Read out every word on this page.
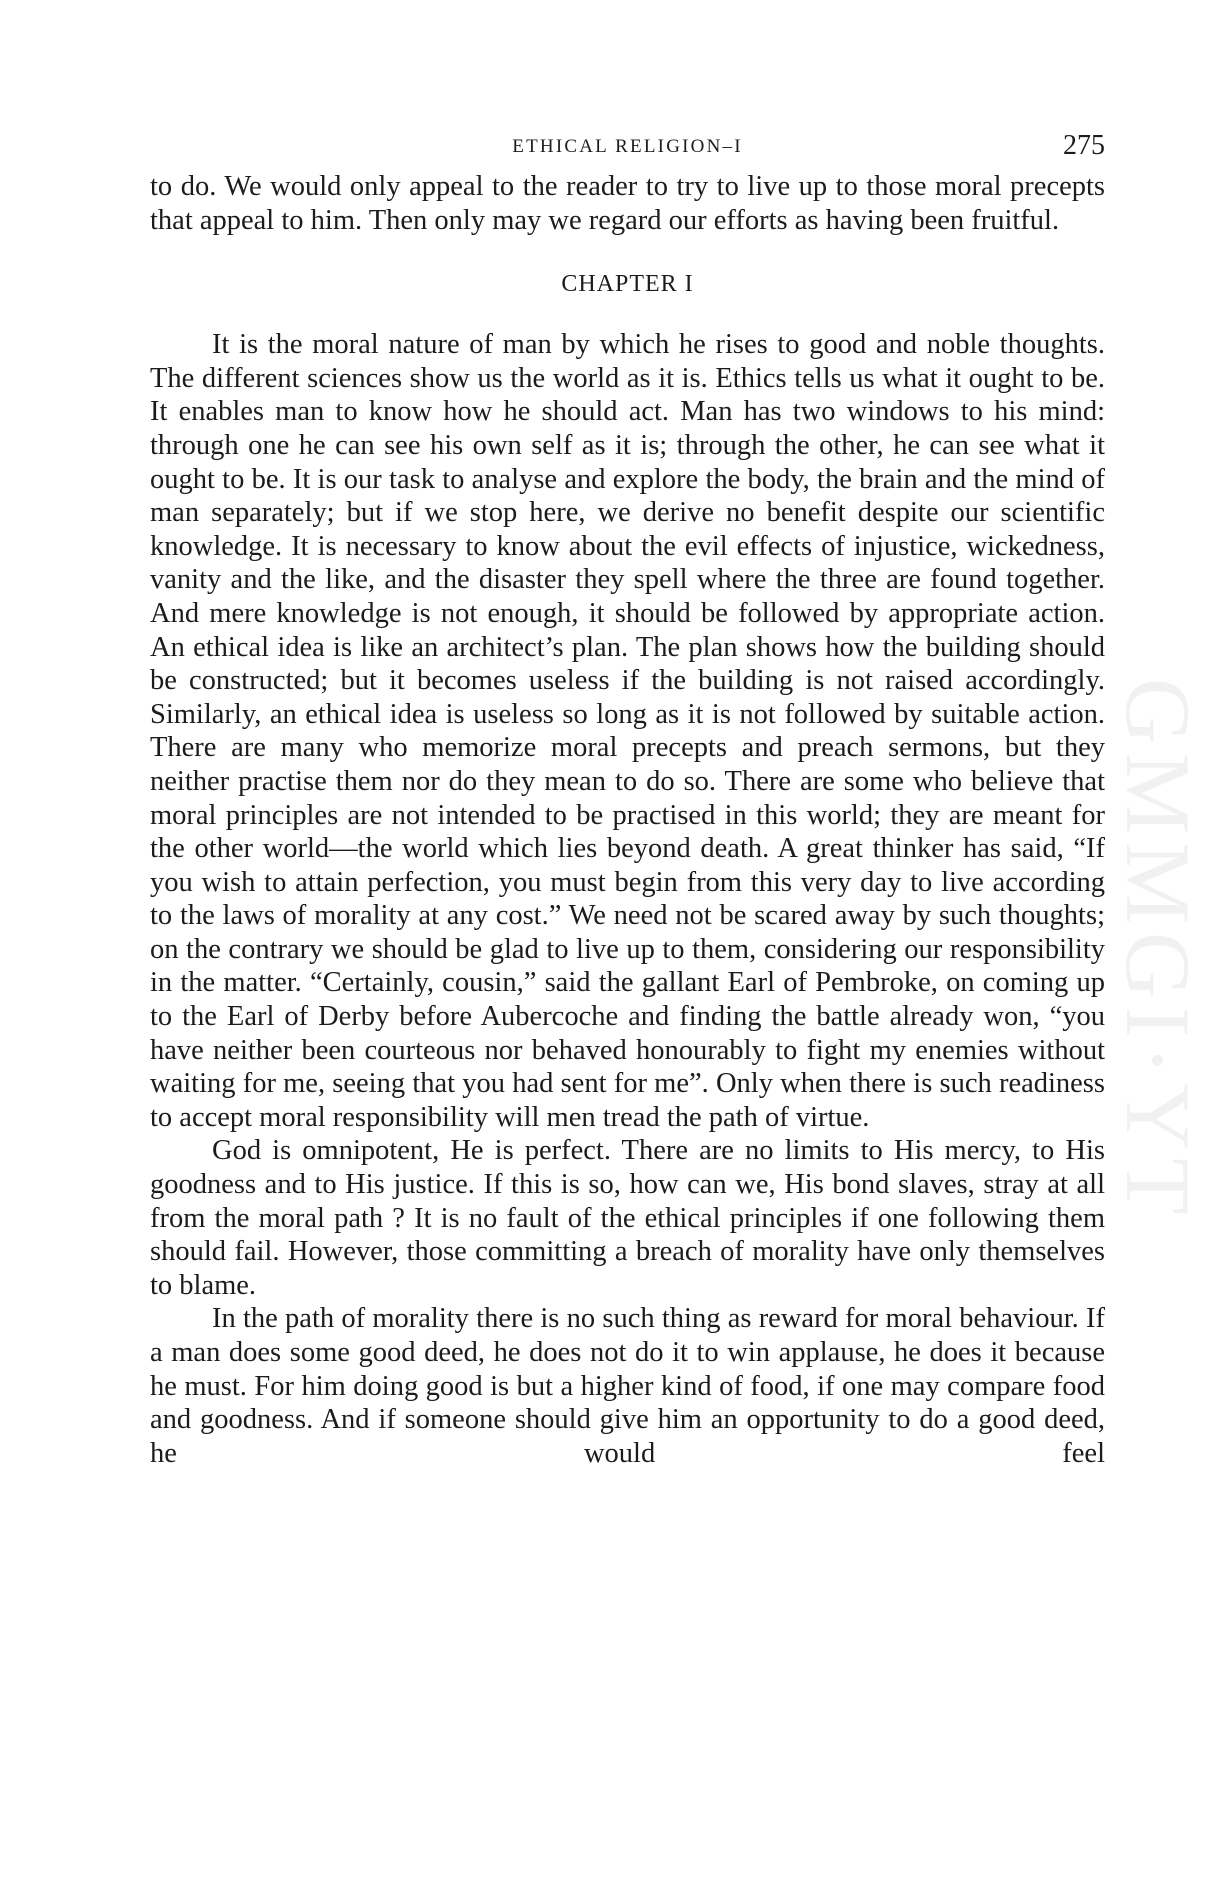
GMMGI·YT
ETHICAL RELIGION–I	275

to do. We would only appeal to the reader to try to live up to those moral precepts that appeal to him. Then only may we regard our efforts as having been fruitful.

CHAPTER I

It is the moral nature of man by which he rises to good and noble thoughts. The different sciences show us the world as it is. Ethics tells us what it ought to be. It enables man to know how he should act. Man has two windows to his mind: through one he can see his own self as it is; through the other, he can see what it ought to be. It is our task to analyse and explore the body, the brain and the mind of man separately; but if we stop here, we derive no benefit despite our scientific knowledge. It is necessary to know about the evil effects of injustice, wickedness, vanity and the like, and the disaster they spell where the three are found together. And mere knowledge is not enough, it should be followed by appropriate action. An ethical idea is like an architect’s plan. The plan shows how the building should be constructed; but it becomes useless if the building is not raised accordingly. Similarly, an ethical idea is useless so long as it is not followed by suitable action. There are many who memorize moral precepts and preach sermons, but they neither practise them nor do they mean to do so. There are some who believe that moral principles are not intended to be practised in this world; they are meant for the other world—the world which lies beyond death. A great thinker has said, “If you wish to attain perfection, you must begin from this very day to live according to the laws of morality at any cost.” We need not be scared away by such thoughts; on the contrary we should be glad to live up to them, considering our responsibility in the matter. “Certainly, cousin,” said the gallant Earl of Pembroke, on coming up to the Earl of Derby before Aubercoche and finding the battle already won, “you have neither been courteous nor behaved honourably to fight my enemies without waiting for me, seeing that you had sent for me”. Only when there is such readiness to accept moral responsibility will men tread the path of virtue.

God is omnipotent, He is perfect. There are no limits to His mercy, to His goodness and to His justice. If this is so, how can we, His bond slaves, stray at all from the moral path ? It is no fault of the ethical principles if one following them should fail. However, those committing a breach of morality have only themselves to blame.

In the path of morality there is no such thing as reward for moral behaviour. If a man does some good deed, he does not do it to win applause, he does it because he must. For him doing good is but a higher kind of food, if one may compare food and goodness. And if someone should give him an opportunity to do a good deed, he would feel
